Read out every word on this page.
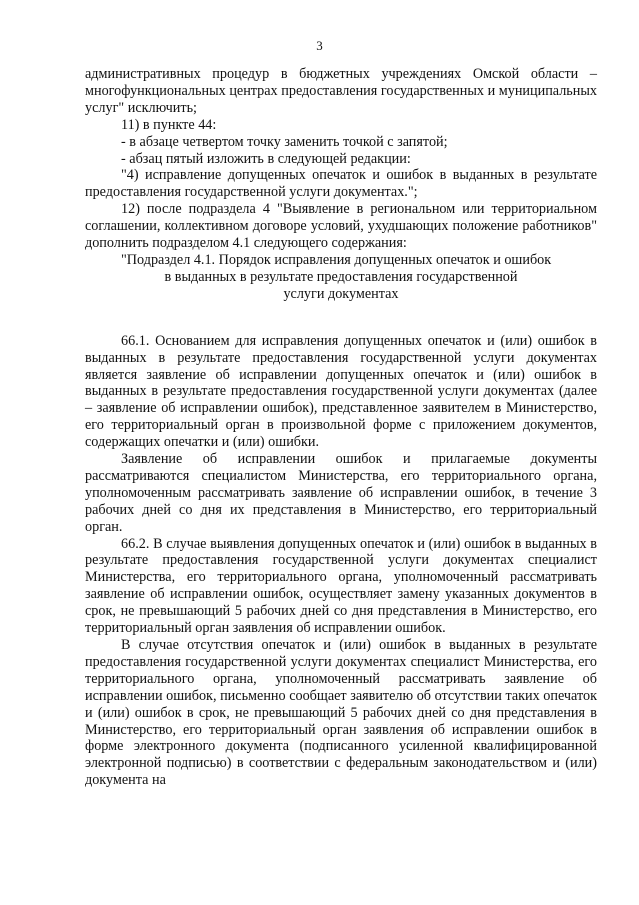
3

административных процедур в бюджетных учреждениях Омской области – многофункциональных центрах предоставления государственных и муниципальных услуг" исключить;

11) в пункте 44:

- в абзаце четвертом точку заменить точкой с запятой;

- абзац пятый изложить в следующей редакции:

"4) исправление допущенных опечаток и ошибок в выданных в результате предоставления государственной услуги документах.";

12) после подраздела 4 "Выявление в региональном или территориальном соглашении, коллективном договоре условий, ухудшающих положение работников" дополнить подразделом 4.1 следующего содержания:

"Подраздел 4.1. Порядок исправления допущенных опечаток и ошибок

в выданных в результате предоставления государственной

услуги документах

66.1. Основанием для исправления допущенных опечаток и (или) ошибок в выданных в результате предоставления государственной услуги документах является заявление об исправлении допущенных опечаток и (или) ошибок в выданных в результате предоставления государственной услуги документах (далее – заявление об исправлении ошибок), представленное заявителем в Министерство, его территориальный орган в произвольной форме с приложением документов, содержащих опечатки и (или) ошибки.

Заявление об исправлении ошибок и прилагаемые документы рассматриваются специалистом Министерства, его территориального органа, уполномоченным рассматривать заявление об исправлении ошибок, в течение 3 рабочих дней со дня их представления в Министерство, его территориальный орган.

66.2. В случае выявления допущенных опечаток и (или) ошибок в выданных в результате предоставления государственной услуги документах специалист Министерства, его территориального органа, уполномоченный рассматривать заявление об исправлении ошибок, осуществляет замену указанных документов в срок, не превышающий 5 рабочих дней со дня представления в Министерство, его территориальный орган заявления об исправлении ошибок.

В случае отсутствия опечаток и (или) ошибок в выданных в результате предоставления государственной услуги документах специалист Министерства, его территориального органа, уполномоченный рассматривать заявление об исправлении ошибок, письменно сообщает заявителю об отсутствии таких опечаток и (или) ошибок в срок, не превышающий 5 рабочих дней со дня представления в Министерство, его территориальный орган заявления об исправлении ошибок в форме электронного документа (подписанного усиленной квалифицированной электронной подписью) в соответствии с федеральным законодательством и (или) документа на
